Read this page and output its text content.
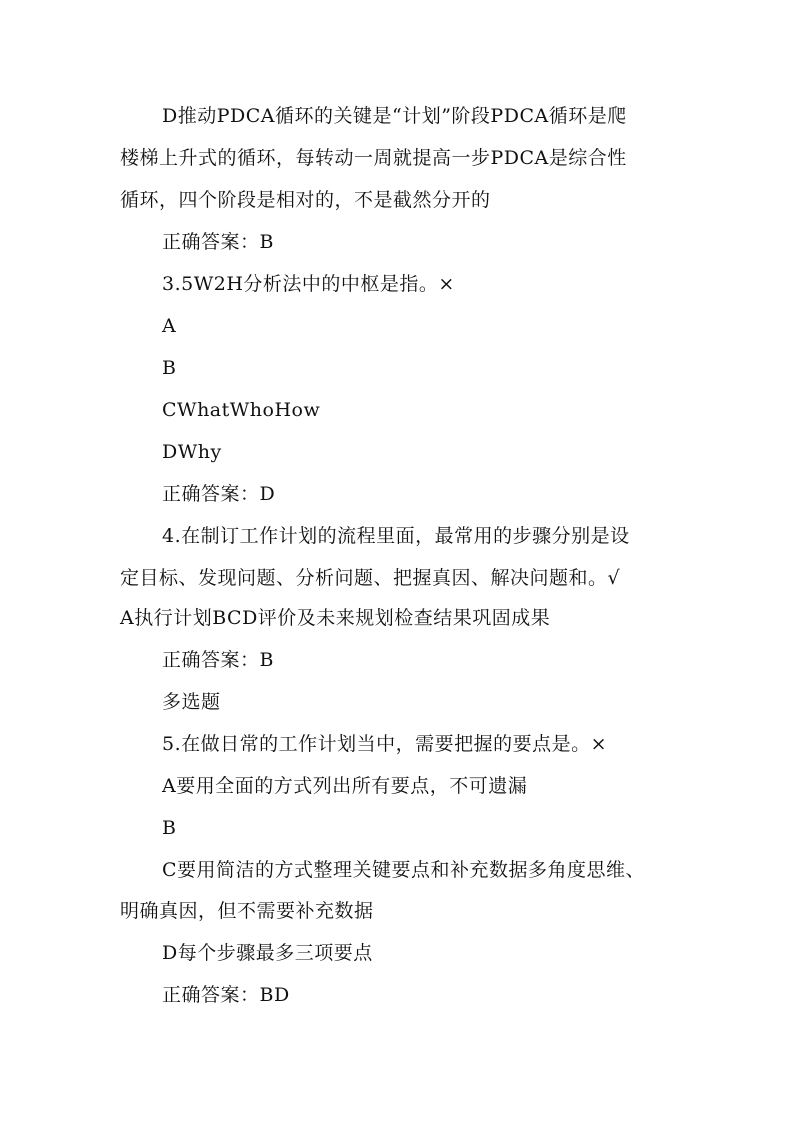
D推动PDCA循环的关键是“计划”阶段PDCA循环是爬
楼梯上升式的循环，每转动一周就提高一步PDCA是综合性
循环，四个阶段是相对的，不是截然分开的
正确答案：B
3.5W2H分析法中的中枢是指。×
A
B
CWhatWhoHow
DWhy
正确答案：D
4.在制订工作计划的流程里面，最常用的步骤分别是设
定目标、发现问题、分析问题、把握真因、解决问题和。√
A执行计划BCD评价及未来规划检查结果巩固成果
正确答案：B
多选题
5.在做日常的工作计划当中，需要把握的要点是。×
A要用全面的方式列出所有要点，不可遗漏
B
C要用简洁的方式整理关键要点和补充数据多角度思维、
明确真因，但不需要补充数据
D每个步骤最多三项要点
正确答案：BD
